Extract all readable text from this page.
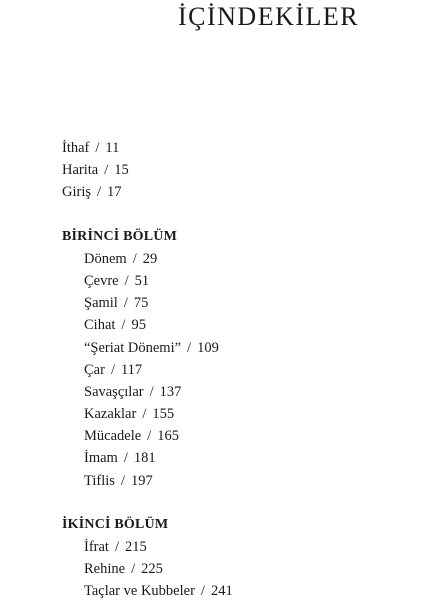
İÇİNDEKİLER
İthaf / 11
Harita / 15
Giriş / 17
BİRİNCİ BÖLÜM
Dönem / 29
Çevre / 51
Şamil / 75
Cihat / 95
“Şeriat Dönemi” / 109
Çar / 117
Savaşçılar / 137
Kazaklar / 155
Mücadele / 165
İmam / 181
Tiflis / 197
İKİNCİ BÖLÜM
İfrat / 215
Rehine / 225
Taçlar ve Kubbeler / 241
